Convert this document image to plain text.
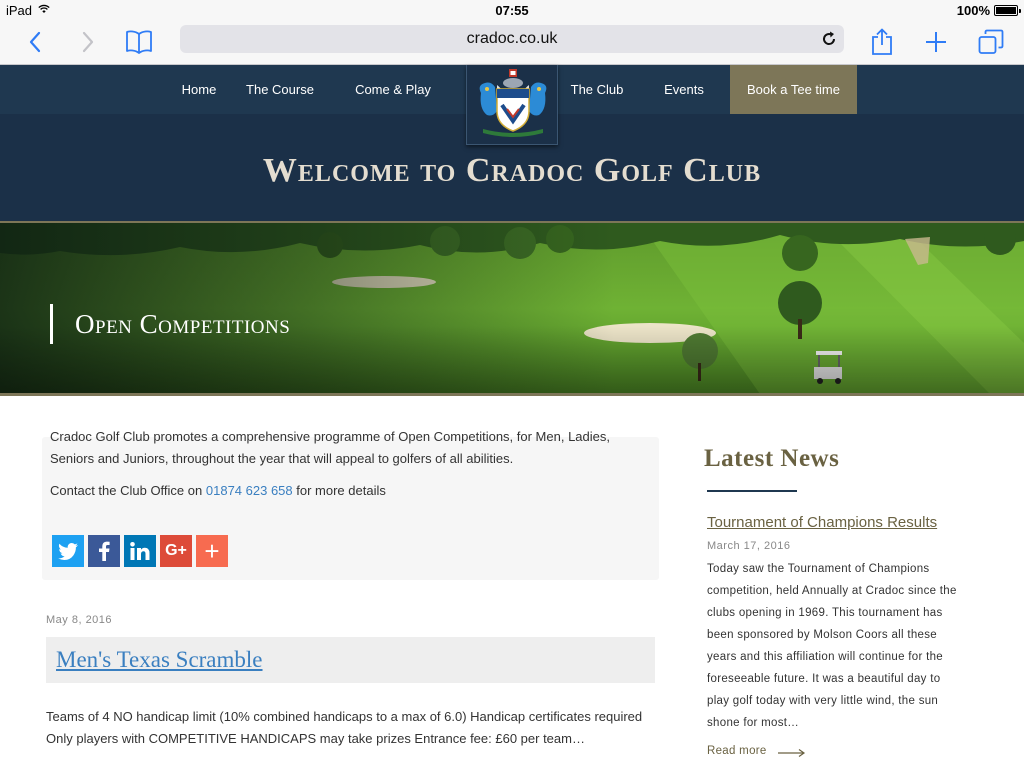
iPad	07:55	100%
cradoc.co.uk
Home	The Course	Come & Play	The Club	Events	Book a Tee time
Welcome to Cradoc Golf Club
Open Competitions

Cradoc Golf Club promotes a comprehensive programme of Open Competitions, for Men, Ladies, Seniors and Juniors, throughout the year that will appeal to golfers of all abilities.

Contact the Club Office on 01874 623 658 for more details

G+ +
May 8, 2016
Men's Texas Scramble

Teams of 4 NO handicap limit (10% combined handicaps to a max of 6.0) Handicap certificates required Only players with COMPETITIVE HANDICAPS may take prizes Entrance fee: £60 per team…

Latest News
Tournament of Champions Results
March 17, 2016

Today saw the Tournament of Champions competition, held Annually at Cradoc since the clubs opening in 1969. This tournament has been sponsored by Molson Coors all these years and this affiliation will continue for the foreseeable future. It was a beautiful day to play golf today with very little wind, the sun shone for most…

Read more
